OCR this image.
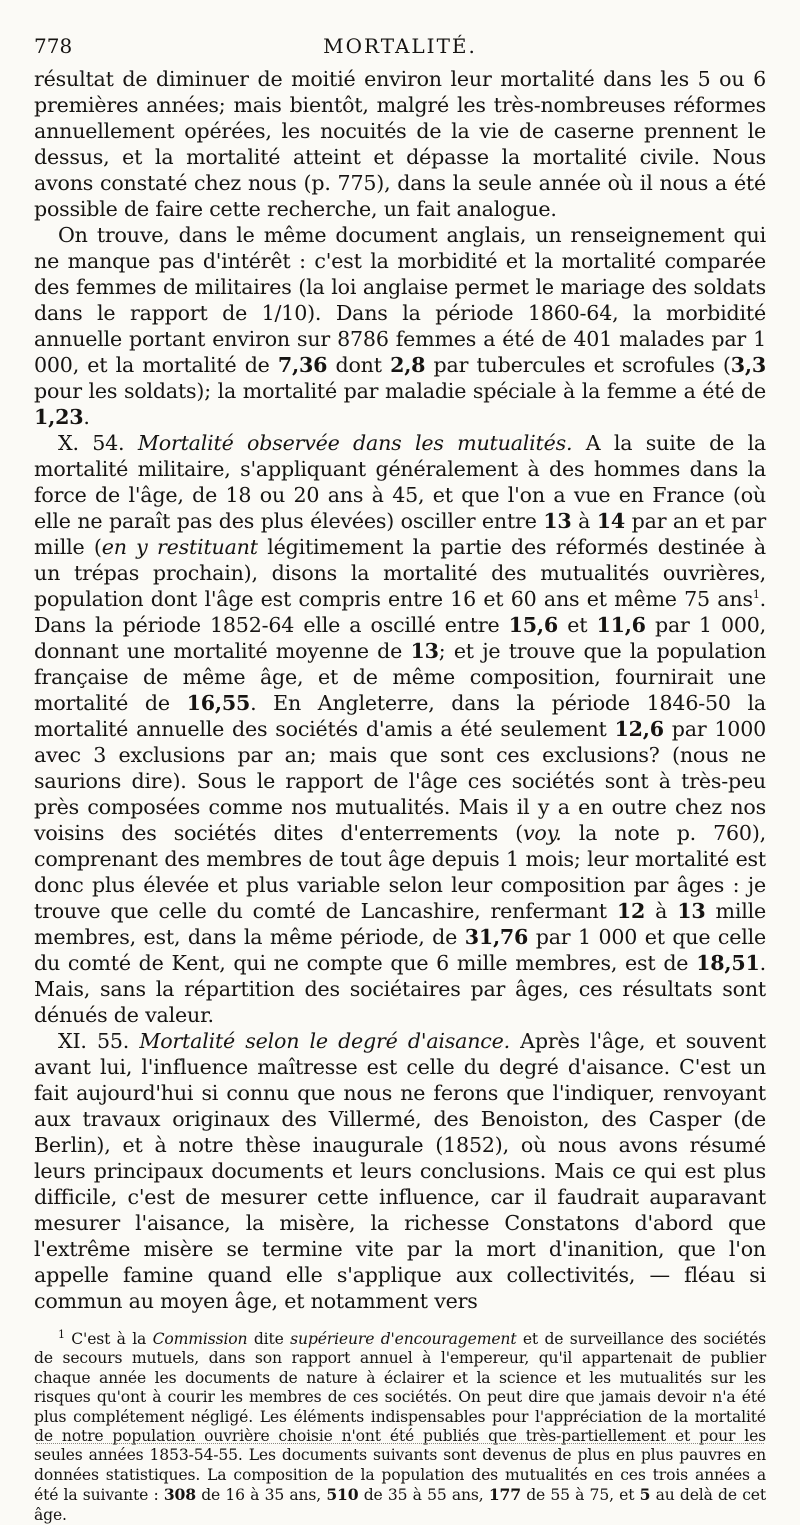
778	MORTALITÉ.

résultat de diminuer de moitié environ leur mortalité dans les 5 ou 6 premières années; mais bientôt, malgré les très-nombreuses réformes annuellement opérées, les nocuités de la vie de caserne prennent le dessus, et la mortalité atteint et dépasse la mortalité civile. Nous avons constaté chez nous (p. 775), dans la seule année où il nous a été possible de faire cette recherche, un fait analogue.

On trouve, dans le même document anglais, un renseignement qui ne manque pas d'intérêt : c'est la morbidité et la mortalité comparée des femmes de militaires (la loi anglaise permet le mariage des soldats dans le rapport de 1/10). Dans la période 1860-64, la morbidité annuelle portant environ sur 8786 femmes a été de 401 malades par 1 000, et la mortalité de 7,36 dont 2,8 par tubercules et scrofules (3,3 pour les soldats); la mortalité par maladie spéciale à la femme a été de 1,23.

X. 54. Mortalité observée dans les mutualités. A la suite de la mortalité militaire, s'appliquant généralement à des hommes dans la force de l'âge, de 18 ou 20 ans à 45, et que l'on a vue en France (où elle ne paraît pas des plus élevées) osciller entre 13 à 14 par an et par mille (en y restituant légitimement la partie des réformés destinée à un trépas prochain), disons la mortalité des mutualités ouvrières, population dont l'âge est compris entre 16 et 60 ans et même 75 ans$^1$. Dans la période 1852-64 elle a oscillé entre 15,6 et 11,6 par 1 000, donnant une mortalité moyenne de 13; et je trouve que la population française de même âge, et de même composition, fournirait une mortalité de 16,55. En Angleterre, dans la période 1846-50 la mortalité annuelle des sociétés d'amis a été seulement 12,6 par 1000 avec 3 exclusions par an; mais que sont ces exclusions? (nous ne saurions dire). Sous le rapport de l'âge ces sociétés sont à très-peu près composées comme nos mutualités. Mais il y a en outre chez nos voisins des sociétés dites d'enterrements (voy. la note p. 760), comprenant des membres de tout âge depuis 1 mois; leur mortalité est donc plus élevée et plus variable selon leur composition par âges : je trouve que celle du comté de Lancashire, renfermant 12 à 13 mille membres, est, dans la même période, de 31,76 par 1 000 et que celle du comté de Kent, qui ne compte que 6 mille membres, est de 18,51. Mais, sans la répartition des sociétaires par âges, ces résultats sont dénués de valeur.

XI. 55. Mortalité selon le degré d'aisance. Après l'âge, et souvent avant lui, l'influence maîtresse est celle du degré d'aisance. C'est un fait aujourd'hui si connu que nous ne ferons que l'indiquer, renvoyant aux travaux originaux des Villermé, des Benoiston, des Casper (de Berlin), et à notre thèse inaugurale (1852), où nous avons résumé leurs principaux documents et leurs conclusions. Mais ce qui est plus difficile, c'est de mesurer cette influence, car il faudrait auparavant mesurer l'aisance, la misère, la richesse Constatons d'abord que l'extrême misère se termine vite par la mort d'inanition, que l'on appelle famine quand elle s'applique aux collectivités, — fléau si commun au moyen âge, et notamment vers

$^1$ C'est à la Commission dite supérieure d'encouragement et de surveillance des sociétés de secours mutuels, dans son rapport annuel à l'empereur, qu'il appartenait de publier chaque année les documents de nature à éclairer et la science et les mutualités sur les risques qu'ont à courir les membres de ces sociétés. On peut dire que jamais devoir n'a été plus complétement négligé. Les éléments indispensables pour l'appréciation de la mortalité de notre population ouvrière choisie n'ont été publiés que très-partiellement et pour les seules années 1853-54-55. Les documents suivants sont devenus de plus en plus pauvres en données statistiques. La composition de la population des mutualités en ces trois années a été la suivante : 308 de 16 à 35 ans, 510 de 35 à 55 ans, 177 de 55 à 75, et 5 au delà de cet âge.
